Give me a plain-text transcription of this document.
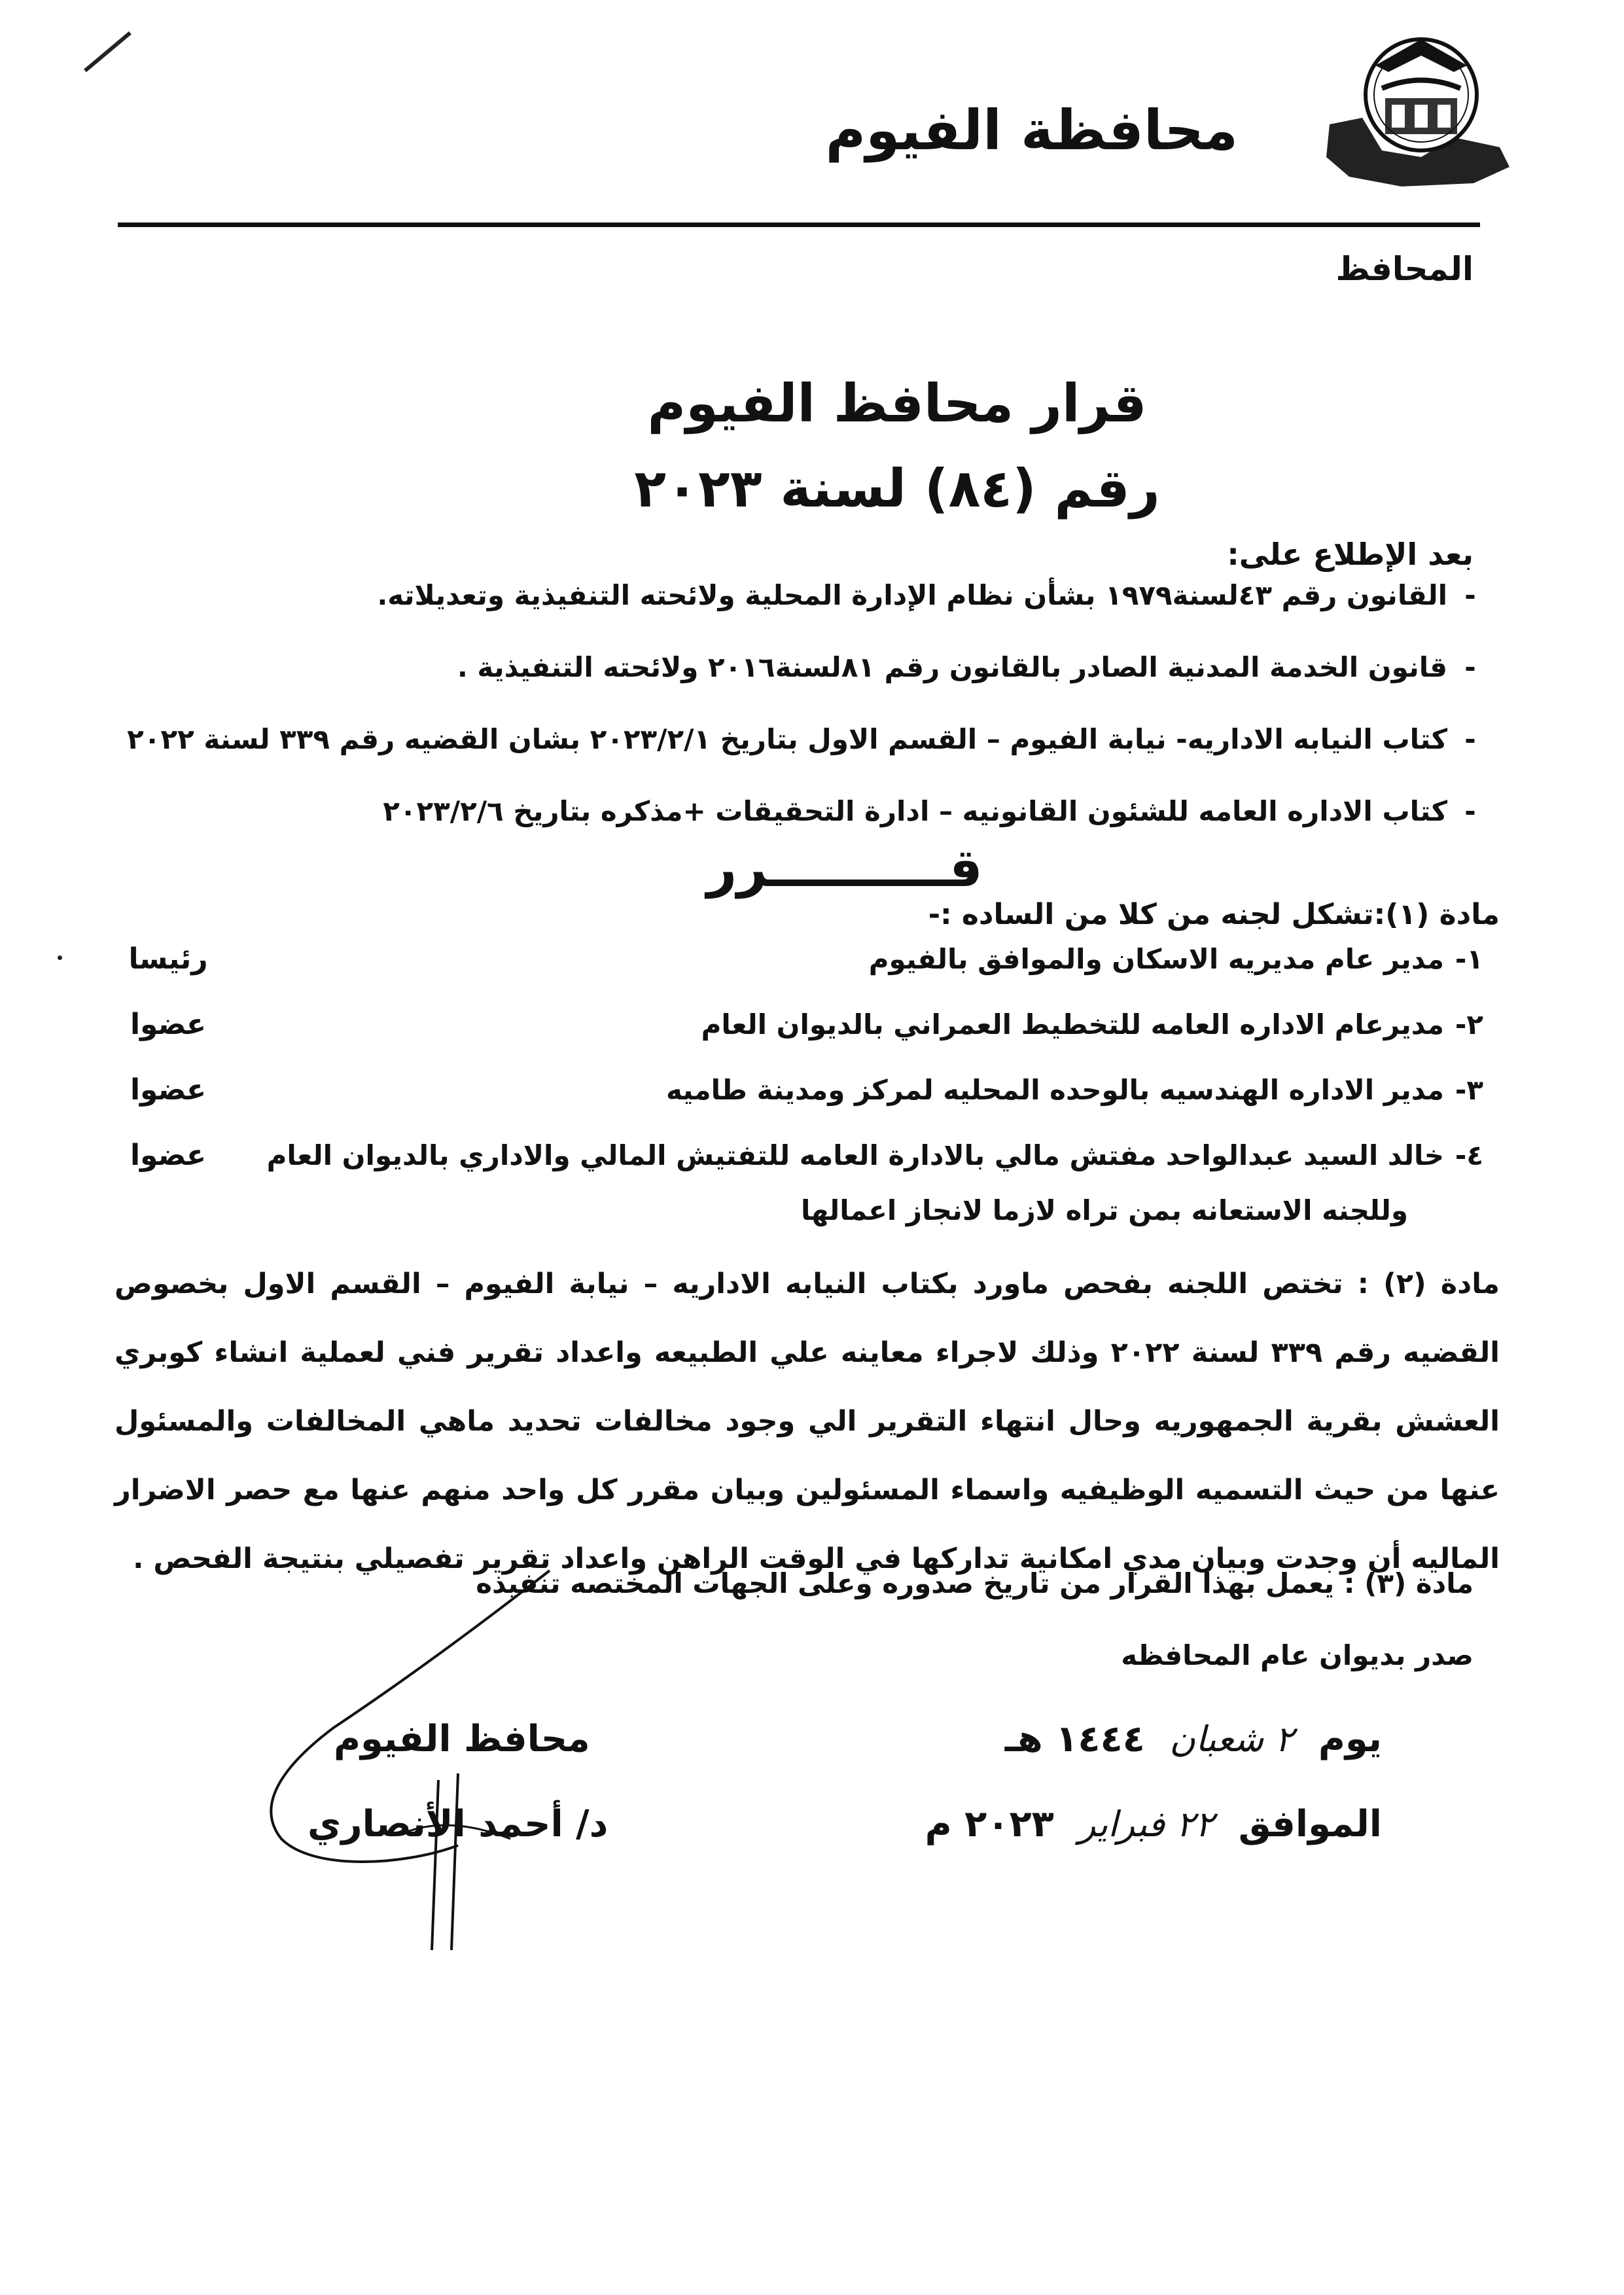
محافظة الفيوم
المحافظ
قرار محافظ الفيوم
رقم (٨٤) لسنة ٢٠٢٣
بعد الإطلاع على:
-
القانون رقم ٤٣لسنة١٩٧٩ بشأن نظام الإدارة المحلية ولائحته التنفيذية وتعديلاته.
-
قانون الخدمة المدنية الصادر بالقانون رقم ٨١لسنة٢٠١٦ ولائحته التنفيذية .
-
كتاب النيابه الاداريه- نيابة الفيوم – القسم الاول بتاريخ ٢٠٢٣/٢/١ بشان القضيه رقم ٣٣٩ لسنة ٢٠٢٢
-
كتاب الاداره العامه للشئون القانونيه – ادارة التحقيقات +مذكره بتاريخ ٢٠٢٣/٢/٦
قــــــــــرر
مادة (١):تشكل لجنه من كلا من الساده :-
١-
مدير عام مديريه الاسكان والموافق بالفيوم
رئيسا
٢-
مديرعام الاداره العامه للتخطيط العمراني بالديوان العام
عضوا
٣-
مدير الاداره الهندسيه بالوحده المحليه لمركز ومدينة طاميه
عضوا
٤-
خالد السيد عبدالواحد مفتش مالي بالادارة العامه للتفتيش المالي والاداري بالديوان العام
عضوا
وللجنه الاستعانه بمن تراه لازما لانجاز اعمالها
مادة (٢) : تختص اللجنه بفحص ماورد بكتاب النيابه الاداريه – نيابة الفيوم – القسم الاول بخصوص القضيه رقم ٣٣٩ لسنة ٢٠٢٢ وذلك لاجراء معاينه علي الطبيعه واعداد تقرير فني لعملية انشاء كوبري العشش بقرية الجمهوريه وحال انتهاء التقرير الي وجود مخالفات تحديد ماهي المخالفات والمسئول عنها من حيث التسميه الوظيفيه واسماء المسئولين وبيان مقرر كل واحد منهم عنها مع حصر الاضرار الماليه أن وجدت وبيان مدي امكانية تداركها في الوقت الراهن واعداد تقرير تفصيلي بنتيجة الفحص .
مادة (٣) : يعمل بهذا القرار من تاريخ صدوره وعلى الجهات المختصه تنفيذه
صدر بديوان عام المحافظه
يوم ٢ شعبان ١٤٤٤ هـ
الموافق ٢٢ فبراير ٢٠٢٣ م
محافظ الفيوم
د/ أحمد الأنصاري
